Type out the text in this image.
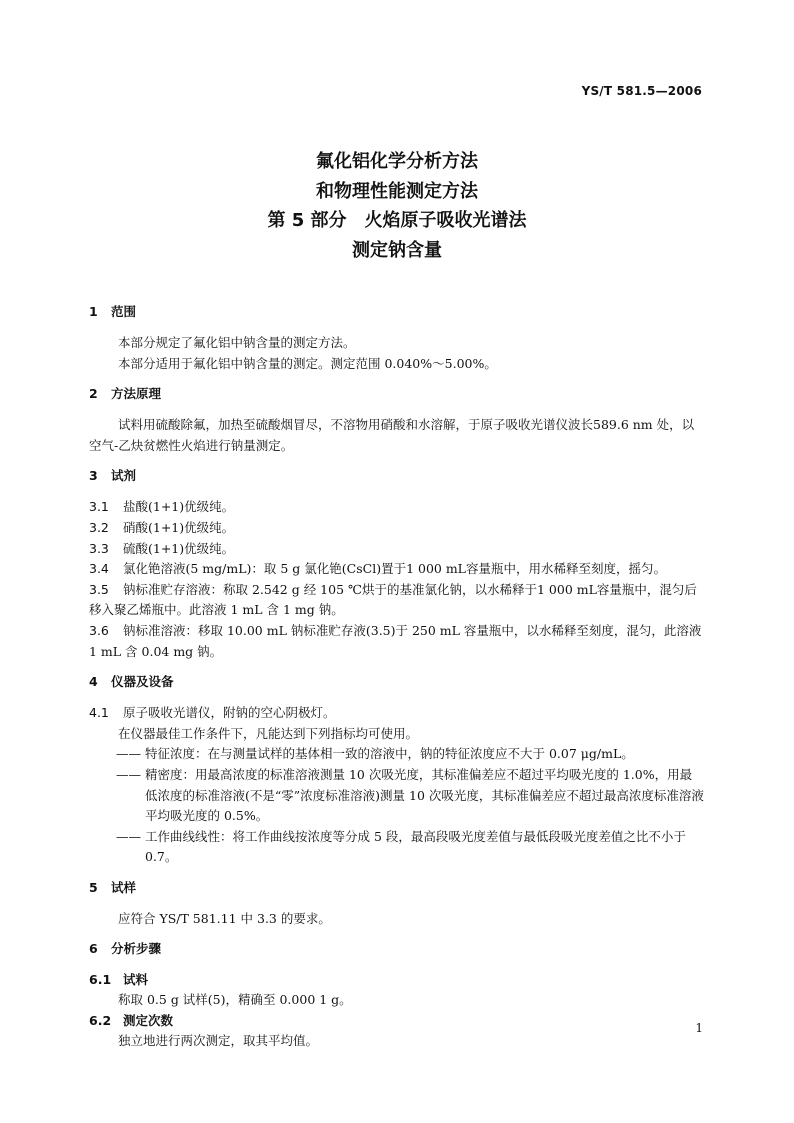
YS/T 581.5—2006
氟化铝化学分析方法
和物理性能测定方法
第 5 部分　火焰原子吸收光谱法
测定钠含量
1 范围
本部分规定了氟化铝中钠含量的测定方法。
本部分适用于氟化铝中钠含量的测定。测定范围 0.040%～5.00%。
2 方法原理
试料用硫酸除氟，加热至硫酸烟冒尽，不溶物用硝酸和水溶解，于原子吸收光谱仪波长589.6 nm 处，以空气-乙炔贫燃性火焰进行钠量测定。
3 试剂
3.1 盐酸(1+1)优级纯。
3.2 硝酸(1+1)优级纯。
3.3 硫酸(1+1)优级纯。
3.4 氯化铯溶液(5 mg/mL)：取 5 g 氯化铯(CsCl)置于1 000 mL容量瓶中，用水稀释至刻度，摇匀。
3.5 钠标准贮存溶液：称取 2.542 g 经 105 ℃烘于的基准氯化钠，以水稀释于1 000 mL容量瓶中，混匀后移入聚乙烯瓶中。此溶液 1 mL 含 1 mg 钠。
3.6 钠标准溶液：移取 10.00 mL 钠标准贮存液(3.5)于 250 mL 容量瓶中，以水稀释至刻度，混匀，此溶液 1 mL 含 0.04 mg 钠。
4 仪器及设备
4.1 原子吸收光谱仪，附钠的空心阴极灯。
在仪器最佳工作条件下，凡能达到下列指标均可使用。
—— 特征浓度：在与测量试样的基体相一致的溶液中，钠的特征浓度应不大于 0.07 μg/mL。
—— 精密度：用最高浓度的标准溶液测量 10 次吸光度，其标准偏差应不超过平均吸光度的 1.0%，用最低浓度的标准溶液(不是“零”浓度标准溶液)测量 10 次吸光度，其标准偏差应不超过最高浓度标准溶液平均吸光度的 0.5%。
—— 工作曲线线性：将工作曲线按浓度等分成 5 段，最高段吸光度差值与最低段吸光度差值之比不小于 0.7。
5 试样
应符合 YS/T 581.11 中 3.3 的要求。
6 分析步骤
6.1 试料
称取 0.5 g 试样(5)，精确至 0.000 1 g。
6.2 测定次数
独立地进行两次测定，取其平均值。
1
